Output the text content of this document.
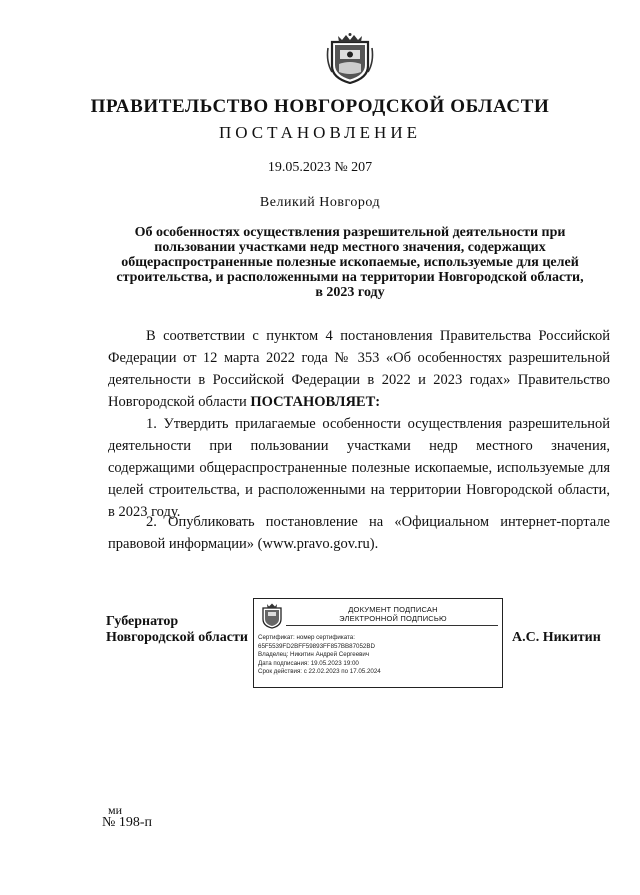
ПРАВИТЕЛЬСТВО НОВГОРОДСКОЙ ОБЛАСТИ
ПОСТАНОВЛЕНИЕ
19.05.2023 № 207
Великий Новгород

Об особенностях осуществления разрешительной деятельности при
пользовании участками недр местного значения, содержащих
общераспространенные полезные ископаемые, используемые для целей
строительства, и расположенными на территории Новгородской области,
в 2023 году

В соответствии с пунктом 4 постановления Правительства Российской Федерации от 12 марта 2022 года № 353 «Об особенностях разрешительной деятельности в Российской Федерации в 2022 и 2023 годах» Правительство Новгородской области ПОСТАНОВЛЯЕТ:

1. Утвердить прилагаемые особенности осуществления разрешительной деятельности при пользовании участками недр местного значения, содержащими общераспространенные полезные ископаемые, используемые для целей строительства, и расположенными на территории Новгородской области, в 2023 году.

2. Опубликовать постановление на «Официальном интернет-портале правовой информации» (www.pravo.gov.ru).

Губернатор
Новгородской области
ДОКУМЕНТ ПОДПИСАН
ЭЛЕКТРОННОЙ ПОДПИСЬЮ
Сертификат: номер сертификата:
65F5539FD2BFF59893FF857BB87052BD
Владелец: Никитин Андрей Сергеевич
Дата подписания: 19.05.2023 19:00
Срок действия: с 22.02.2023 по 17.05.2024
А.С. Никитин
ми
№ 198-п
